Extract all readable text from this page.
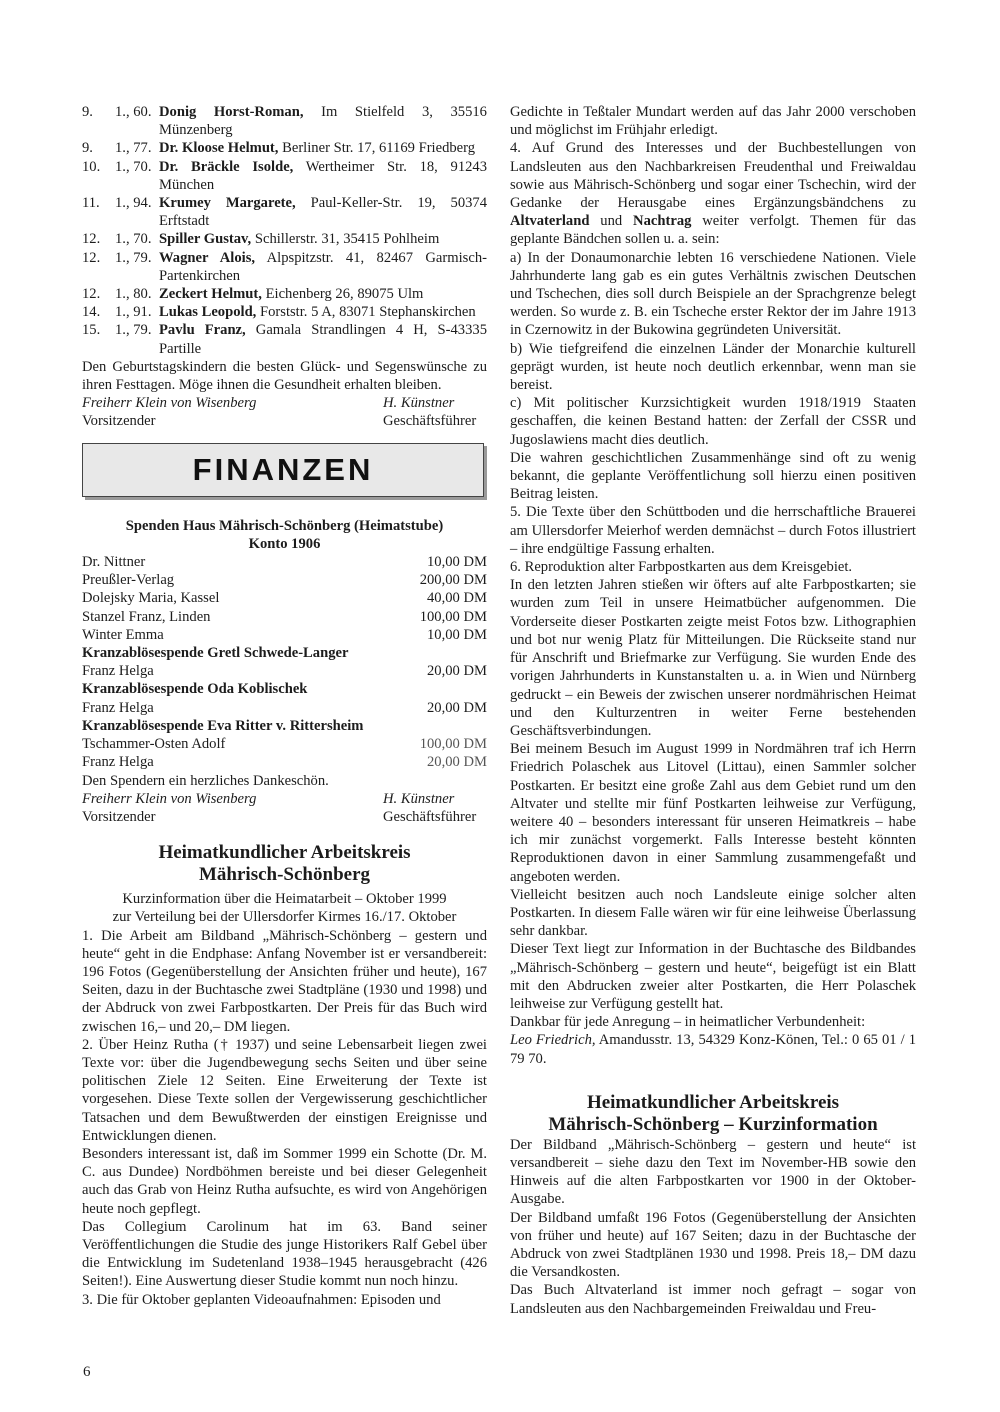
9. 1., 60. Donig Horst-Roman, Im Stielfeld 3, 35516 Münzenberg
9. 1., 77. Dr. Kloose Helmut, Berliner Str. 17, 61169 Friedberg
10. 1., 70. Dr. Bräckle Isolde, Wertheimer Str. 18, 91243 München
11. 1., 94. Krumey Margarete, Paul-Keller-Str. 19, 50374 Erftstadt
12. 1., 70. Spiller Gustav, Schillerstr. 31, 35415 Pohlheim
12. 1., 79. Wagner Alois, Alpspitzstr. 41, 82467 Garmisch-Partenkirchen
12. 1., 80. Zeckert Helmut, Eichenberg 26, 89075 Ulm
14. 1., 91. Lukas Leopold, Forststr. 5 A, 83071 Stephanskirchen
15. 1., 79. Pavlu Franz, Gamala Strandlingen 4 H, S-43335 Partille

Den Geburtstagskindern die besten Glück- und Segenswünsche zu ihren Festtagen. Möge ihnen die Gesundheit erhalten bleiben.

Freiherr Klein von Wisenberg	H. Künstner
Vorsitzender	Geschäftsführer
FINANZEN

Spenden Haus Mährisch-Schönberg (Heimatstube)

Konto 1906

Dr. Nittner	10,00 DM
Preußler-Verlag	200,00 DM
Dolejsky Maria, Kassel	40,00 DM
Stanzel Franz, Linden	100,00 DM
Winter Emma	10,00 DM

Kranzablösespende Gretl Schwede-Langer

Franz Helga	20,00 DM

Kranzablösespende Oda Koblischek

Franz Helga	20,00 DM

Kranzablösespende Eva Ritter v. Rittersheim

Tschammer-Osten Adolf	100,00 DM
Franz Helga	20,00 DM

Den Spendern ein herzliches Dankeschön.

Freiherr Klein von Wisenberg	H. Künstner
Vorsitzender	Geschäftsführer
Heimatkundlicher Arbeitskreis
Mährisch-Schönberg

Kurzinformation über die Heimatarbeit – Oktober 1999

zur Verteilung bei der Ullersdorfer Kirmes 16./17. Oktober

1. Die Arbeit am Bildband „Mährisch-Schönberg – gestern und heute“ geht in die Endphase: Anfang November ist er versandbereit: 196 Fotos (Gegenüberstellung der Ansichten früher und heute), 167 Seiten, dazu in der Buchtasche zwei Stadtpläne (1930 und 1998) und der Abdruck von zwei Farbpostkarten. Der Preis für das Buch wird zwischen 16,– und 20,– DM liegen.

2. Über Heinz Rutha († 1937) und seine Lebensarbeit liegen zwei Texte vor: über die Jugendbewegung sechs Seiten und über seine politischen Ziele 12 Seiten. Eine Erweiterung der Texte ist vorgesehen. Diese Texte sollen der Vergewisserung geschichtlicher Tatsachen und dem Bewußtwerden der einstigen Ereignisse und Entwicklungen dienen.

Besonders interessant ist, daß im Sommer 1999 ein Schotte (Dr. M. C. aus Dundee) Nordböhmen bereiste und bei dieser Gelegenheit auch das Grab von Heinz Rutha aufsuchte, es wird von Angehörigen heute noch gepflegt.

Das Collegium Carolinum hat im 63. Band seiner Veröffentlichungen die Studie des junge Historikers Ralf Gebel über die Entwicklung im Sudetenland 1938–1945 herausgebracht (426 Seiten!). Eine Auswertung dieser Studie kommt nun noch hinzu.

3. Die für Oktober geplanten Videoaufnahmen: Episoden und

Gedichte in Teßtaler Mundart werden auf das Jahr 2000 verschoben und möglichst im Frühjahr erledigt.

4. Auf Grund des Interesses und der Buchbestellungen von Landsleuten aus den Nachbarkreisen Freudenthal und Freiwaldau sowie aus Mährisch-Schönberg und sogar einer Tschechin, wird der Gedanke der Herausgabe eines Ergänzungsbändchens zu Altvaterland und Nachtrag weiter verfolgt. Themen für das geplante Bändchen sollen u. a. sein:

a) In der Donaumonarchie lebten 16 verschiedene Nationen. Viele Jahrhunderte lang gab es ein gutes Verhältnis zwischen Deutschen und Tschechen, dies soll durch Beispiele an der Sprachgrenze belegt werden. So wurde z. B. ein Tscheche erster Rektor der im Jahre 1913 in Czernowitz in der Bukowina gegründeten Universität.

b) Wie tiefgreifend die einzelnen Länder der Monarchie kulturell geprägt wurden, ist heute noch deutlich erkennbar, wenn man sie bereist.

c) Mit politischer Kurzsichtigkeit wurden 1918/1919 Staaten geschaffen, die keinen Bestand hatten: der Zerfall der CSSR und Jugoslawiens macht dies deutlich.

Die wahren geschichtlichen Zusammenhänge sind oft zu wenig bekannt, die geplante Veröffentlichung soll hierzu einen positiven Beitrag leisten.

5. Die Texte über den Schüttboden und die herrschaftliche Brauerei am Ullersdorfer Meierhof werden demnächst – durch Fotos illustriert – ihre endgültige Fassung erhalten.

6. Reproduktion alter Farbpostkarten aus dem Kreisgebiet.

In den letzten Jahren stießen wir öfters auf alte Farbpostkarten; sie wurden zum Teil in unsere Heimatbücher aufgenommen. Die Vorderseite dieser Postkarten zeigte meist Fotos bzw. Lithographien und bot nur wenig Platz für Mitteilungen. Die Rückseite stand nur für Anschrift und Briefmarke zur Verfügung. Sie wurden Ende des vorigen Jahrhunderts in Kunstanstalten u. a. in Wien und Nürnberg gedruckt – ein Beweis der zwischen unserer nordmährischen Heimat und den Kulturzentren in weiter Ferne bestehenden Geschäftsverbindungen.

Bei meinem Besuch im August 1999 in Nordmähren traf ich Herrn Friedrich Polaschek aus Litovel (Littau), einen Sammler solcher Postkarten. Er besitzt eine große Zahl aus dem Gebiet rund um den Altvater und stellte mir fünf Postkarten leihweise zur Verfügung, weitere 40 – besonders interessant für unseren Heimatkreis – habe ich mir zunächst vorgemerkt. Falls Interesse besteht könnten Reproduktionen davon in einer Sammlung zusammengefaßt und angeboten werden.

Vielleicht besitzen auch noch Landsleute einige solcher alten Postkarten. In diesem Falle wären wir für eine leihweise Überlassung sehr dankbar.

Dieser Text liegt zur Information in der Buchtasche des Bildbandes „Mährisch-Schönberg – gestern und heute“, beigefügt ist ein Blatt mit den Abdrucken zweier alter Postkarten, die Herr Polaschek leihweise zur Verfügung gestellt hat.

Dankbar für jede Anregung – in heimatlicher Verbundenheit:

Leo Friedrich, Amandusstr. 13, 54329 Konz-Könen, Tel.: 0 65 01 / 1 79 70.

Heimatkundlicher Arbeitskreis
Mährisch-Schönberg – Kurzinformation

Der Bildband „Mährisch-Schönberg – gestern und heute“ ist versandbereit – siehe dazu den Text im November-HB sowie den Hinweis auf die alten Farbpostkarten vor 1900 in der Oktober-Ausgabe.

Der Bildband umfaßt 196 Fotos (Gegenüberstellung der Ansichten von früher und heute) auf 167 Seiten; dazu in der Buchtasche der Abdruck von zwei Stadtplänen 1930 und 1998. Preis 18,– DM dazu die Versandkosten.

Das Buch Altvaterland ist immer noch gefragt – sogar von Landsleuten aus den Nachbargemeinden Freiwaldau und Freu-

6
